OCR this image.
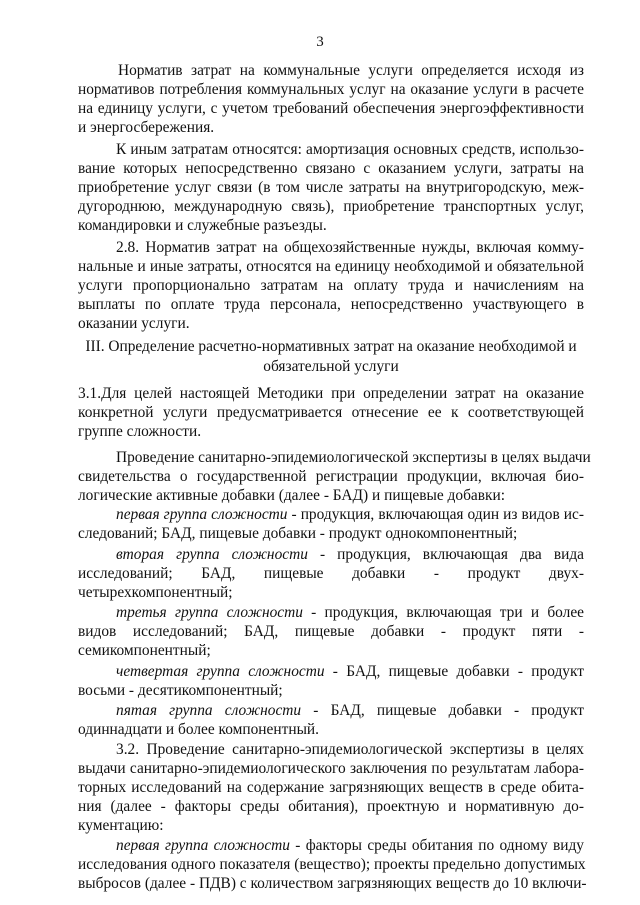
3
Норматив затрат на коммунальные услуги определяется исходя из
нормативов потребления коммунальных услуг на оказание услуги в расчете
на единицу услуги, с учетом требований обеспечения энергоэффективности
и энергосбережения.
К иным затратам относятся: амортизация основных средств, использо-
вание которых непосредственно связано с оказанием услуги, затраты на
приобретение услуг связи (в том числе затраты на внутригородскую, меж-
дугороднюю, международную связь), приобретение транспортных услуг,
командировки и служебные разъезды.
2.8. Норматив затрат на общехозяйственные нужды, включая комму-
нальные и иные затраты, относятся на единицу необходимой и обязательной
услуги пропорционально затратам на оплату труда и начислениям на
выплаты по оплате труда персонала, непосредственно участвующего в
оказании услуги.
III. Определение расчетно-нормативных затрат на оказание необходимой и
обязательной услуги
3.1.Для целей настоящей Методики при определении затрат на оказание
конкретной услуги предусматривается отнесение ее к соответствующей
группе сложности.
Проведение санитарно-эпидемиологической экспертизы в целях выдачи
свидетельства о государственной регистрации продукции, включая био-
логические активные добавки (далее - БАД) и пищевые добавки:
первая группа сложности - продукция, включающая один из видов ис-
следований; БАД, пищевые добавки - продукт однокомпонентный;
вторая группа сложности - продукция, включающая два вида
исследований; БАД, пищевые добавки - продукт двух-
четырехкомпонентный;
третья группа сложности - продукция, включающая три и более
видов исследований; БАД, пищевые добавки - продукт пяти -
семикомпонентный;
четвертая группа сложности - БАД, пищевые добавки - продукт
восьми - десятикомпонентный;
пятая группа сложности - БАД, пищевые добавки - продукт
одиннадцати и более компонентный.
3.2. Проведение санитарно-эпидемиологической экспертизы в целях
выдачи санитарно-эпидемиологического заключения по результатам лабора-
торных исследований на содержание загрязняющих веществ в среде обита-
ния (далее - факторы среды обитания), проектную и нормативную до-
кументацию:
первая группа сложности - факторы среды обитания по одному виду
исследования одного показателя (вещество); проекты предельно допустимых
выбросов (далее - ПДВ) с количеством загрязняющих веществ до 10 включи-
